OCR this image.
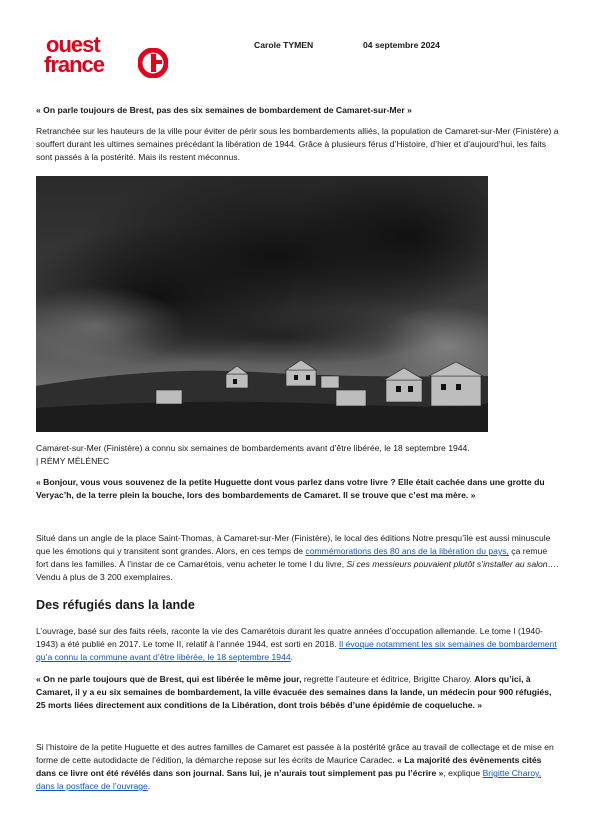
ouest
france
Carole TYMEN	04 septembre 2024
« On parle toujours de Brest, pas des six semaines de bombardement de Camaret-sur-Mer »
Retranchée sur les hauteurs de la ville pour éviter de périr sous les bombardements alliés, la population de Camaret-sur-Mer (Finistère) a souffert durant les ultimes semaines précédant la libération de 1944. Grâce à plusieurs férus d’Histoire, d’hier et d’aujourd’hui, les faits sont passés à la postérité. Mais ils restent méconnus.
Camaret-sur-Mer (Finistère) a connu six semaines de bombardements avant d’être libérée, le 18 septembre 1944.
| RÉMY MÉLÉNEC
« Bonjour, vous vous souvenez de la petite Huguette dont vous parlez dans votre livre ? Elle était cachée dans une grotte du Veryac’h, de la terre plein la bouche, lors des bombardements de Camaret. Il se trouve que c’est ma mère. »
Situé dans un angle de la place Saint-Thomas, à Camaret-sur-Mer (Finistère), le local des éditions Notre presqu’île est aussi minuscule que les émotions qui y transitent sont grandes. Alors, en ces temps de commémorations des 80 ans de la libération du pays, ça remue fort dans les familles. À l’instar de ce Camarétois, venu acheter le tome I du livre, Si ces messieurs pouvaient plutôt s’installer au salon…. Vendu à plus de 3 200 exemplaires.
Des réfugiés dans la lande
L’ouvrage, basé sur des faits réels, raconte la vie des Camarétois durant les quatre années d’occupation allemande. Le tome I (1940-1943) a été publié en 2017. Le tome II, relatif à l’année 1944, est sorti en 2018. Il évoque notamment les six semaines de bombardement qu’a connu la commune avant d’être libérée, le 18 septembre 1944.
« On ne parle toujours que de Brest, qui est libérée le même jour, regrette l’auteure et éditrice, Brigitte Charoy. Alors qu’ici, à Camaret, il y a eu six semaines de bombardement, la ville évacuée des semaines dans la lande, un médecin pour 900 réfugiés, 25 morts liées directement aux conditions de la Libération, dont trois bébés d’une épidémie de coqueluche. »
Si l’histoire de la petite Huguette et des autres familles de Camaret est passée à la postérité grâce au travail de collectage et de mise en forme de cette autodidacte de l’édition, la démarche repose sur les écrits de Maurice Caradec. « La majorité des évènements cités dans ce livre ont été révélés dans son journal. Sans lui, je n’aurais tout simplement pas pu l’écrire », explique Brigitte Charoy, dans la postface de l’ouvrage.
